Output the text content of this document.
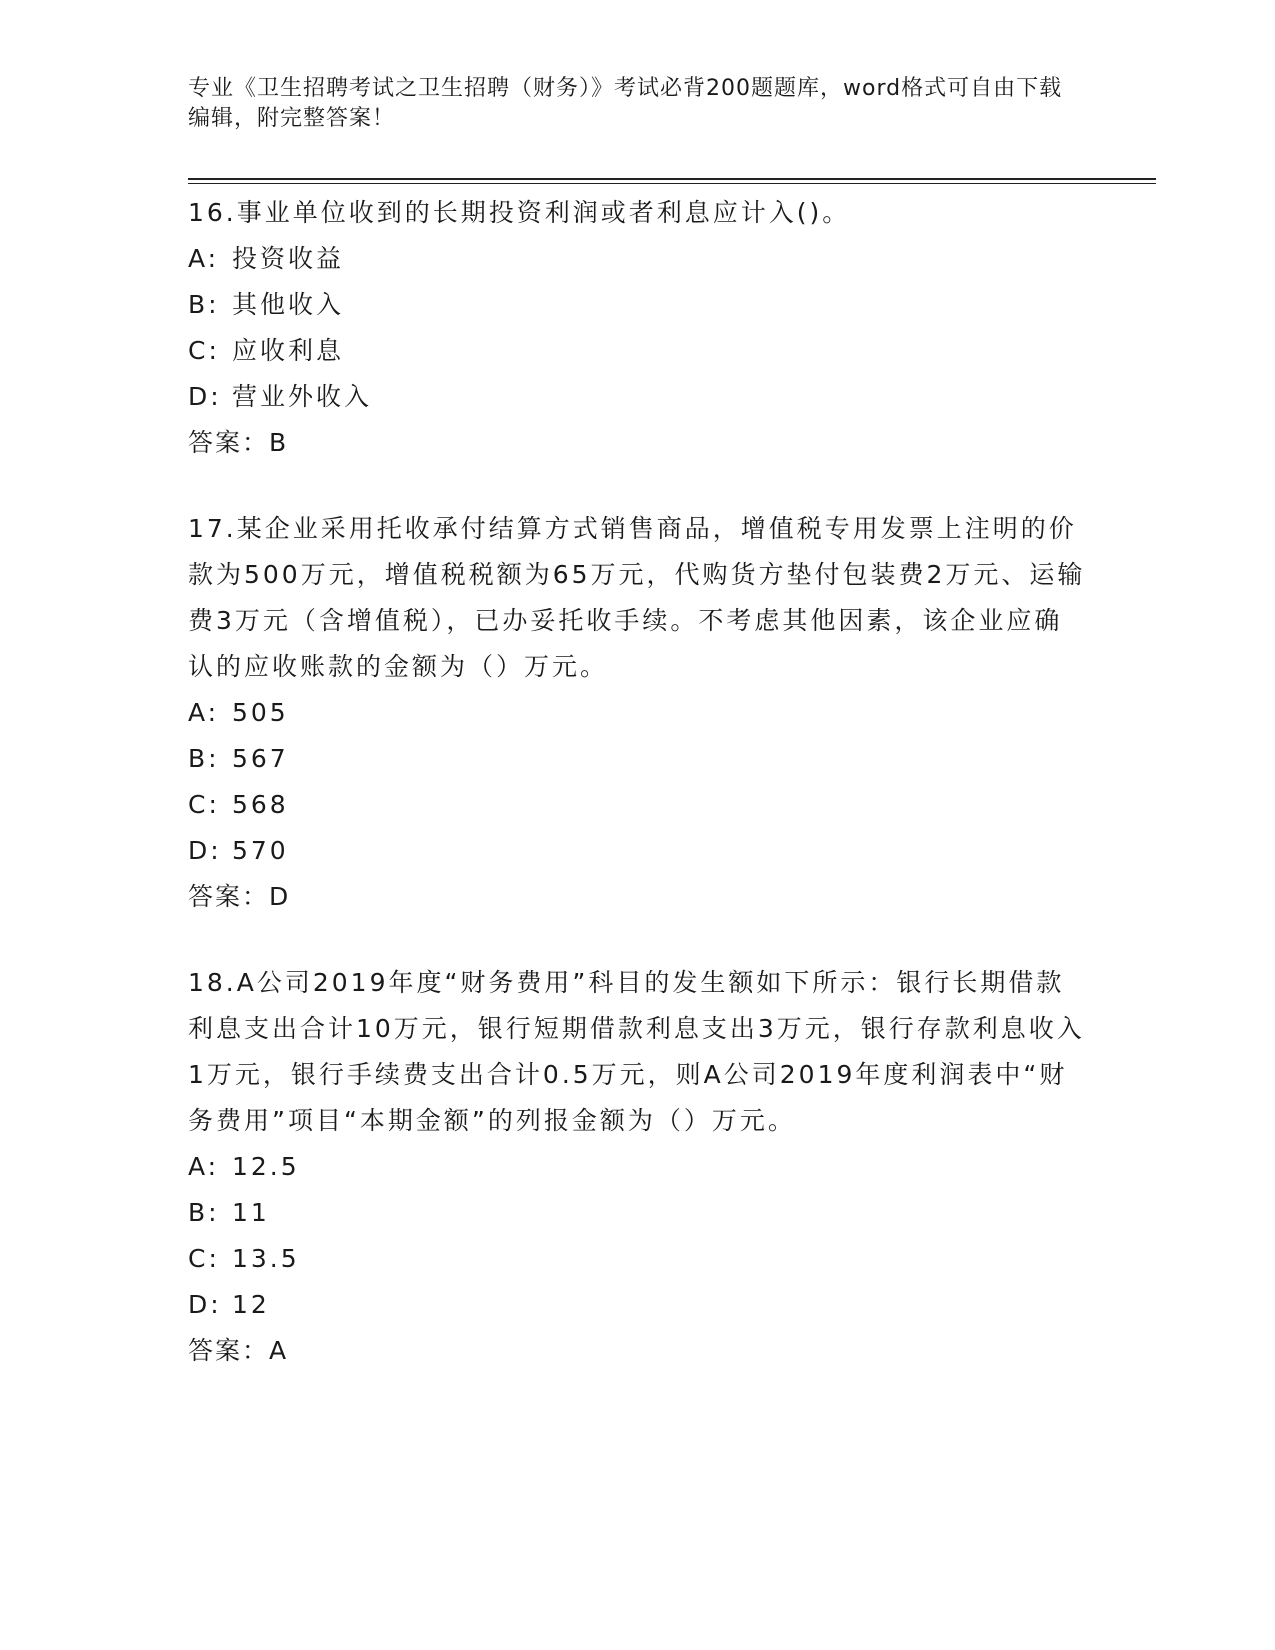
专业《卫生招聘考试之卫生招聘（财务）》考试必背200题题库，word格式可自由下载编辑，附完整答案！

16.事业单位收到的长期投资利润或者利息应计入()。

A: 投资收益

B: 其他收入

C: 应收利息

D: 营业外收入

答案：B

17.某企业采用托收承付结算方式销售商品，增值税专用发票上注明的价款为500万元，增值税税额为65万元，代购货方垫付包装费2万元、运输费3万元（含增值税），已办妥托收手续。不考虑其他因素，该企业应确认的应收账款的金额为（）万元。

A: 505

B: 567

C: 568

D: 570

答案：D

18.A公司2019年度“财务费用”科目的发生额如下所示：银行长期借款利息支出合计10万元，银行短期借款利息支出3万元，银行存款利息收入1万元，银行手续费支出合计0.5万元，则A公司2019年度利润表中“财务费用”项目“本期金额”的列报金额为（）万元。

A: 12.5

B: 11

C: 13.5

D: 12

答案：A
